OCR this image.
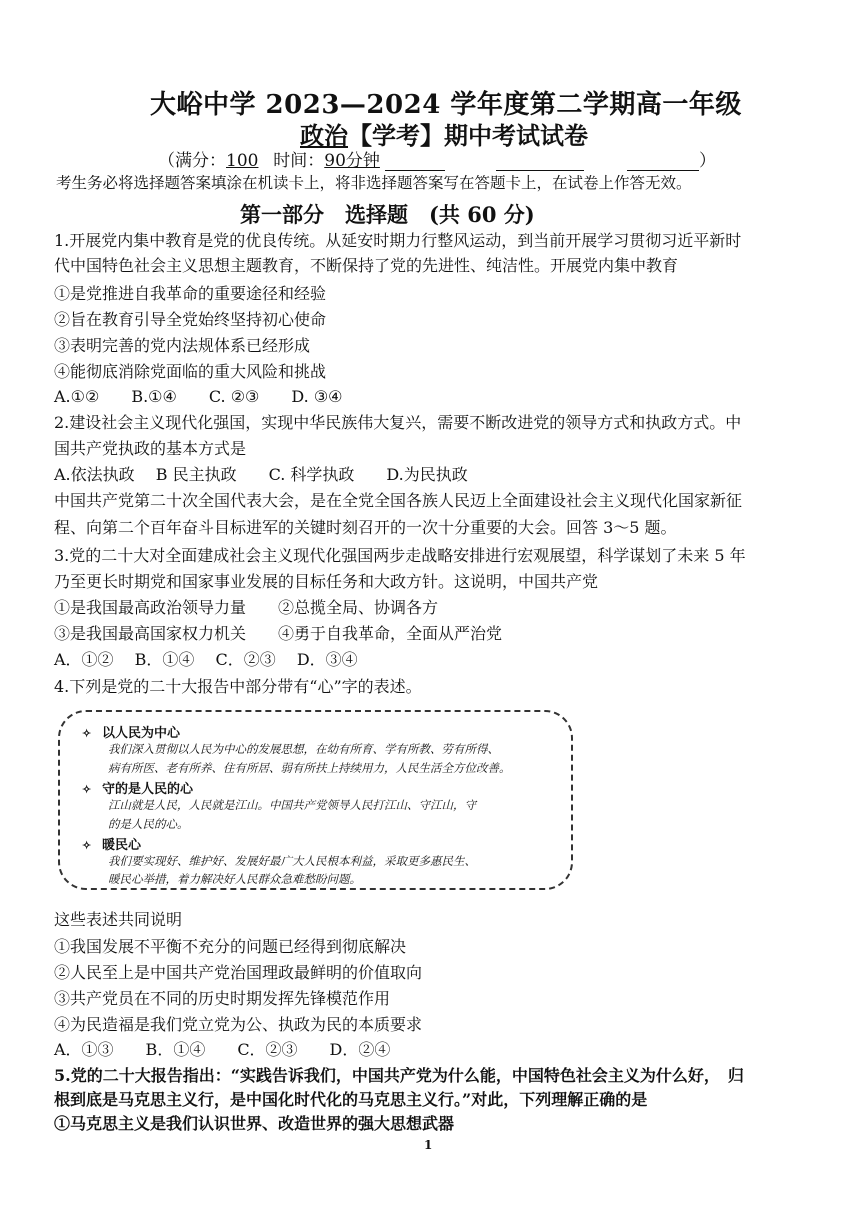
大峪中学 2023—2024 学年度第二学期高一年级
政治【学考】期中考试试卷
（满分：100 时间：90分钟	）
考生务必将选择题答案填涂在机读卡上，将非选择题答案写在答题卡上，在试卷上作答无效。
第一部分　选择题　(共 60 分)
1.开展党内集中教育是党的优良传统。从延安时期力行整风运动，到当前开展学习贯彻习近平新时
代中国特色社会主义思想主题教育，不断保持了党的先进性、纯洁性。开展党内集中教育
①是党推进自我革命的重要途径和经验
②旨在教育引导全党始终坚持初心使命
③表明完善的党内法规体系已经形成
④能彻底消除党面临的重大风险和挑战
A.①②　　B.①④　　C. ②③　　D. ③④
2.建设社会主义现代化强国，实现中华民族伟大复兴，需要不断改进党的领导方式和执政方式。中
国共产党执政的基本方式是
A.依法执政　 B 民主执政　　C. 科学执政　　D.为民执政
中国共产党第二十次全国代表大会，是在全党全国各族人民迈上全面建设社会主义现代化国家新征
程、向第二个百年奋斗目标进军的关键时刻召开的一次十分重要的大会。回答 3～5 题。
3.党的二十大对全面建成社会主义现代化强国两步走战略安排进行宏观展望，科学谋划了未来 5 年
乃至更长时期党和国家事业发展的目标任务和大政方针。这说明，中国共产党
①是我国最高政治领导力量　　②总揽全局、协调各方
③是我国最高国家权力机关　　④勇于自我革命，全面从严治党
A．①②　 B．①④　 C．②③　 D．③④
4.下列是党的二十大报告中部分带有“心”字的表述。
✧ 以人民为中心
我们深入贯彻以人民为中心的发展思想，在幼有所育、学有所教、劳有所得、
病有所医、老有所养、住有所居、弱有所扶上持续用力，人民生活全方位改善。
✧ 守的是人民的心
江山就是人民，人民就是江山。中国共产党领导人民打江山、守江山，守
的是人民的心。
✧ 暖民心
我们要实现好、维护好、发展好最广大人民根本利益，采取更多惠民生、
暖民心举措，着力解决好人民群众急难愁盼问题。
这些表述共同说明
①我国发展不平衡不充分的问题已经得到彻底解决
②人民至上是中国共产党治国理政最鲜明的价值取向
③共产党员在不同的历史时期发挥先锋模范作用
④为民造福是我们党立党为公、执政为民的本质要求
A．①③　　B．①④　　C．②③　　D．②④
5.党的二十大报告指出：“实践告诉我们，中国共产党为什么能，中国特色社会主义为什么好，　归
根到底是马克思主义行，是中国化时代化的马克思主义行。”对此，下列理解正确的是
①马克思主义是我们认识世界、改造世界的强大思想武器
1
